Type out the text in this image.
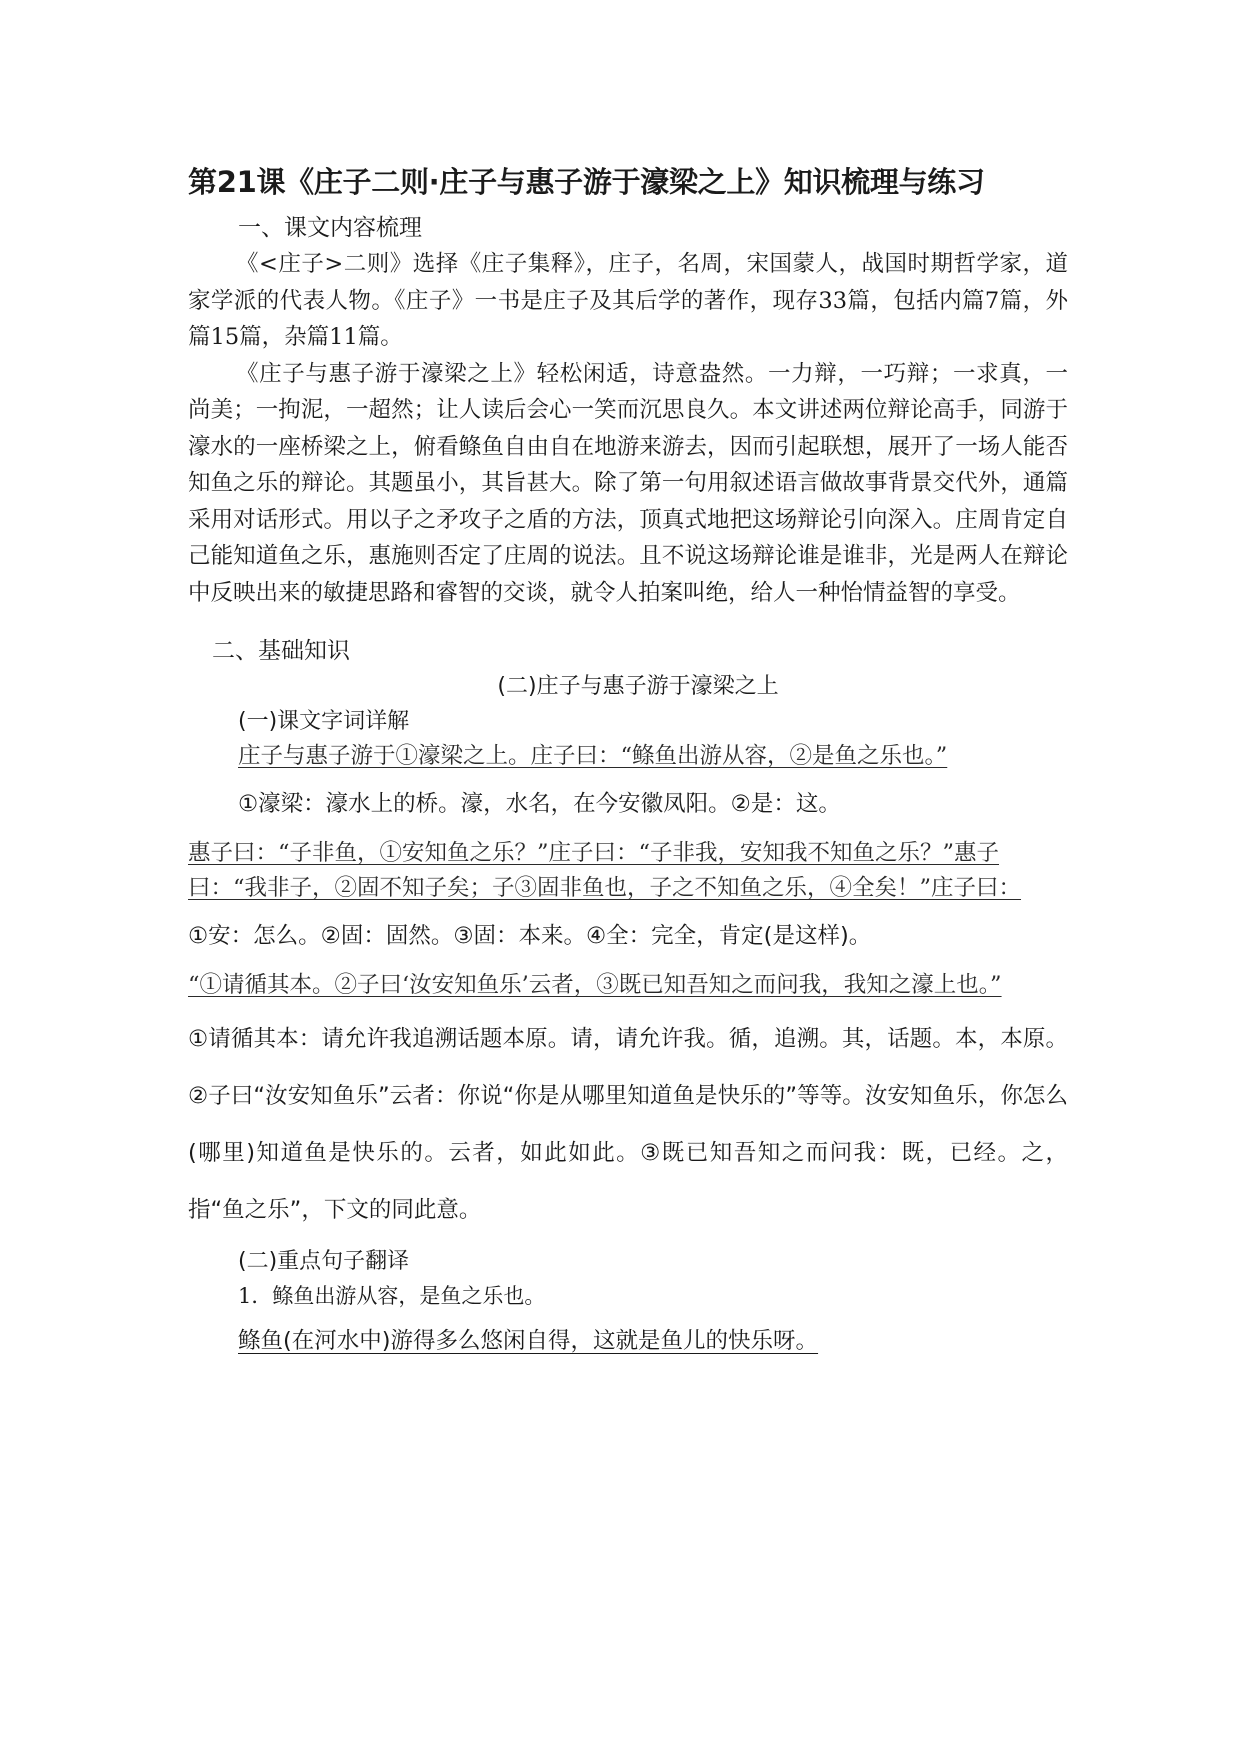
第21课《庄子二则·庄子与惠子游于濠梁之上》知识梳理与练习
一、课文内容梳理

《<庄子>二则》选择《庄子集释》，庄子，名周，宋国蒙人，战国时期哲学家，道家学派的代表人物。《庄子》一书是庄子及其后学的著作，现存33篇，包括内篇7篇，外篇15篇，杂篇11篇。

《庄子与惠子游于濠梁之上》轻松闲适，诗意盎然。一力辩，一巧辩；一求真，一尚美；一拘泥，一超然；让人读后会心一笑而沉思良久。本文讲述两位辩论高手，同游于濠水的一座桥梁之上，俯看鲦鱼自由自在地游来游去，因而引起联想，展开了一场人能否知鱼之乐的辩论。其题虽小，其旨甚大。除了第一句用叙述语言做故事背景交代外，通篇采用对话形式。用以子之矛攻子之盾的方法，顶真式地把这场辩论引向深入。庄周肯定自己能知道鱼之乐，惠施则否定了庄周的说法。且不说这场辩论谁是谁非，光是两人在辩论中反映出来的敏捷思路和睿智的交谈，就令人拍案叫绝，给人一种怡情益智的享受。

二、基础知识
(二)庄子与惠子游于濠梁之上
(一)课文字词详解

庄子与惠子游于①濠梁之上。庄子曰：“鲦鱼出游从容，②是鱼之乐也。”

①濠梁：濠水上的桥。濠，水名，在今安徽凤阳。②是：这。

惠子曰：“子非鱼，①安知鱼之乐？”庄子曰：“子非我，安知我不知鱼之乐？”惠子曰：“我非子，②固不知子矣；子③固非鱼也，子之不知鱼之乐，④全矣！”庄子曰：

①安：怎么。②固：固然。③固：本来。④全：完全，肯定(是这样)。

“①请循其本。②子曰‘汝安知鱼乐’云者，③既已知吾知之而问我，我知之濠上也。”

①请循其本：请允许我追溯话题本原。请，请允许我。循，追溯。其，话题。本，本原。②子曰“汝安知鱼乐”云者：你说“你是从哪里知道鱼是快乐的”等等。汝安知鱼乐，你怎么(哪里)知道鱼是快乐的。云者，如此如此。③既已知吾知之而问我：既，已经。之，指“鱼之乐”，下文的同此意。

(二)重点句子翻译

1．鲦鱼出游从容，是鱼之乐也。

鲦鱼(在河水中)游得多么悠闲自得，这就是鱼儿的快乐呀。
